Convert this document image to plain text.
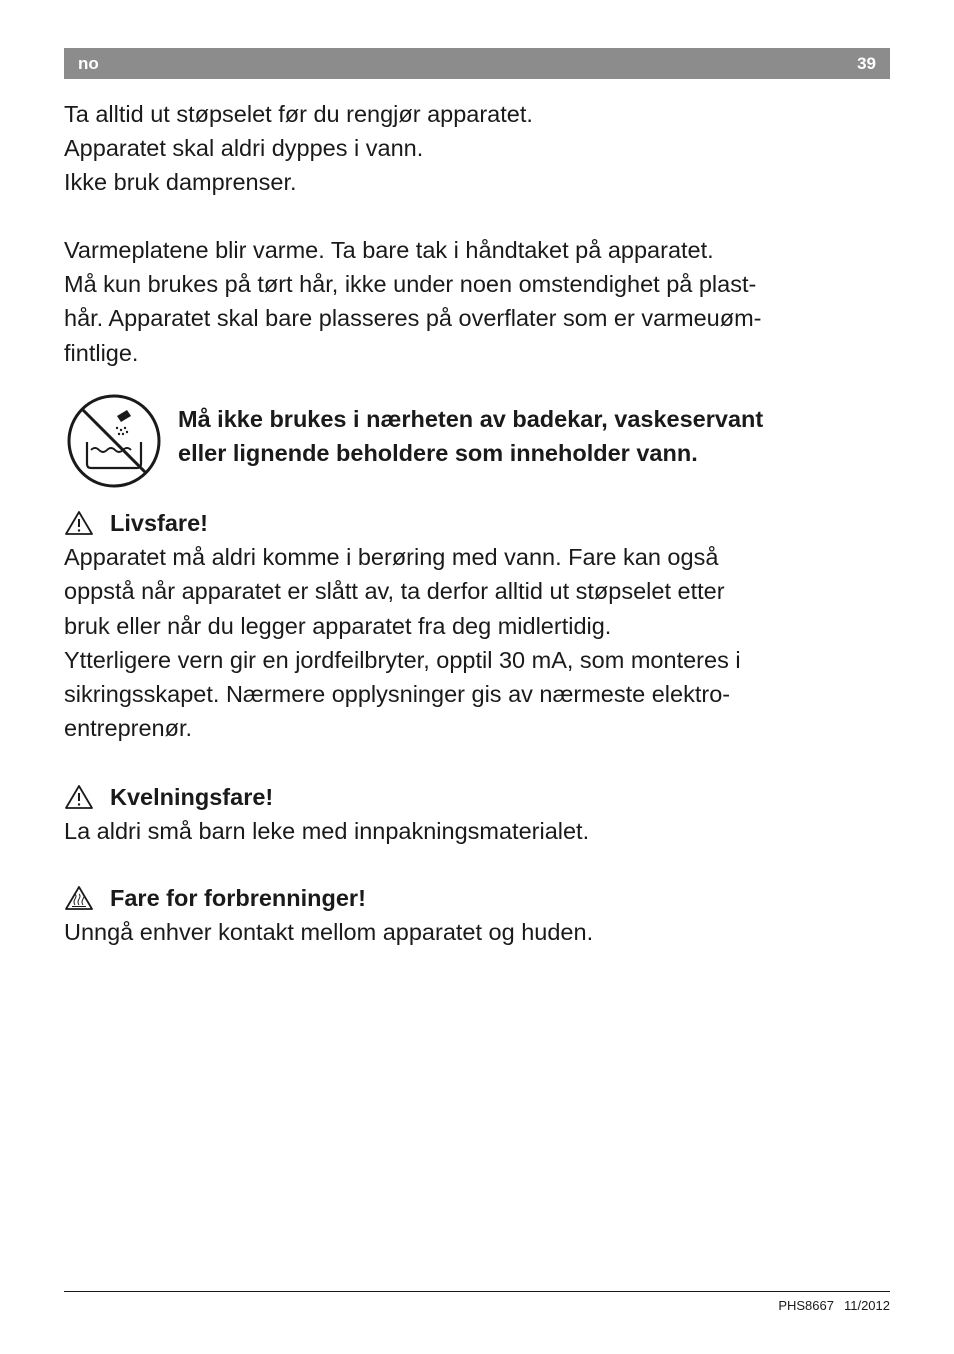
no	39

Ta alltid ut støpselet før du rengjør apparatet.

Apparatet skal aldri dyppes i vann.

Ikke bruk damprenser.

Varmeplatene blir varme. Ta bare tak i håndtaket på apparatet.

Må kun brukes på tørt hår, ikke under noen omstendighet på plast-

hår. Apparatet skal bare plasseres på overflater som er varmeuøm-

fintlige.

Må ikke brukes i nærheten av badekar, vaskeservant

eller lignende beholdere som inneholder vann.

Livsfare!

Apparatet må aldri komme i berøring med vann. Fare kan også

oppstå når apparatet er slått av, ta derfor alltid ut støpselet etter

bruk eller når du legger apparatet fra deg midlertidig.

Ytterligere vern gir en jordfeilbryter, opptil 30 mA, som monteres i

sikringsskapet. Nærmere opplysninger gis av nærmeste elektro-

entreprenør.

Kvelningsfare!

La aldri små barn leke med innpakningsmaterialet.

Fare for forbrenninger!

Unngå enhver kontakt mellom apparatet og huden.

PHS8667 11/2012
